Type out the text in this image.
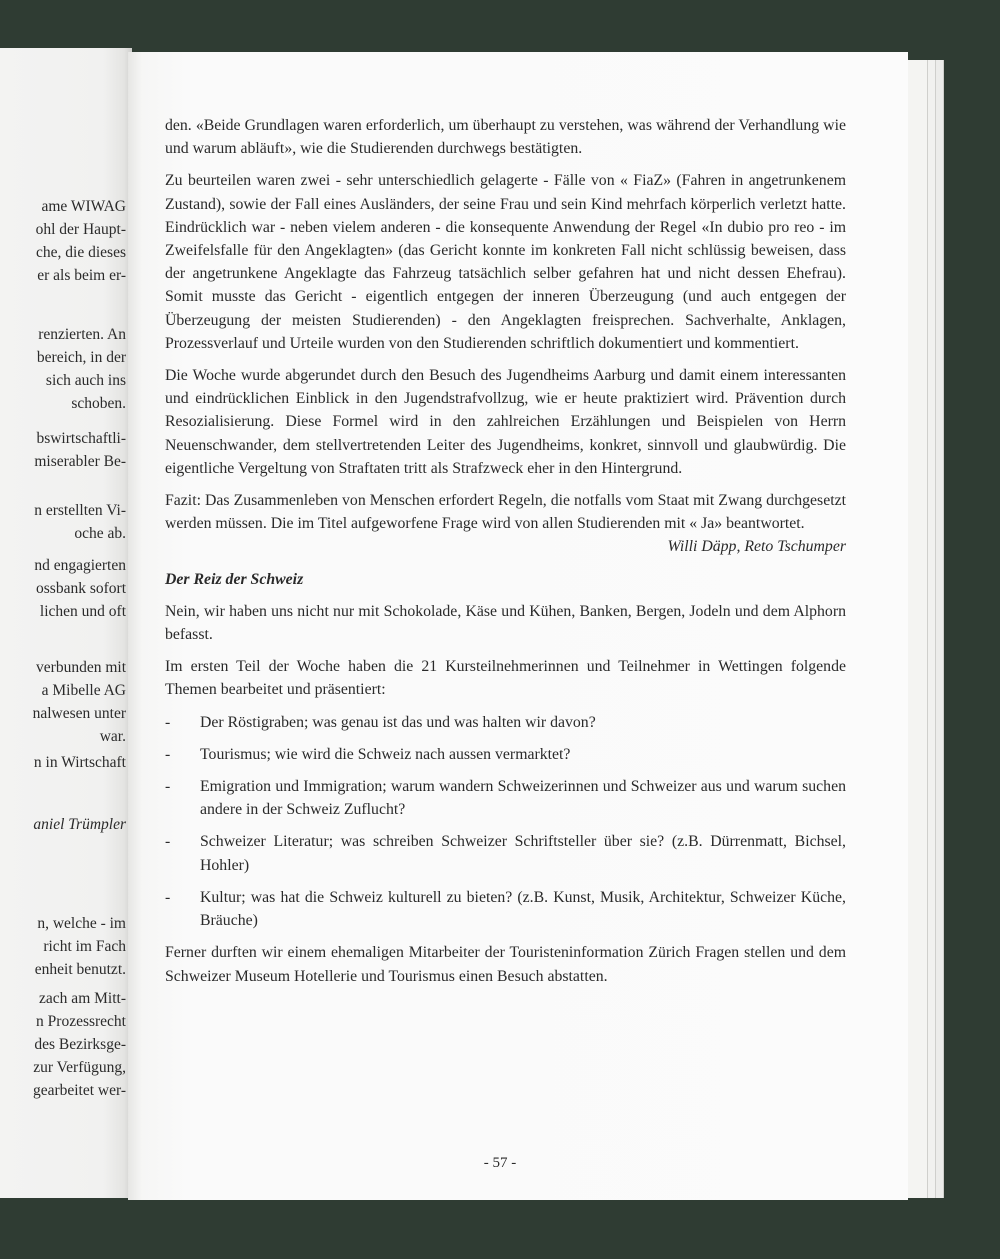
ame WIWAG
ohl der Haupt-
che, die dieses
er als beim er-
renzierten. An
bereich, in der
sich auch ins
schoben.
bswirtschaftli-
miserabler Be-
n erstellten Vi-
oche ab.
nd engagierten
ossbank sofort
lichen und oft
verbunden mit
a Mibelle AG
nalwesen unter
war.
n in Wirtschaft
aniel Trümpler
n, welche - im
richt im Fach
enheit benutzt.
zach am Mitt-
n Prozessrecht
des Bezirksge-
zur Verfügung,
gearbeitet wer-

den. «Beide Grundlagen waren erforderlich, um überhaupt zu verstehen, was während der Verhandlung wie und warum abläuft», wie die Studierenden durchwegs bestätigten.

Zu beurteilen waren zwei - sehr unterschiedlich gelagerte - Fälle von « FiaZ» (Fahren in angetrunkenem Zustand), sowie der Fall eines Ausländers, der seine Frau und sein Kind mehrfach körperlich verletzt hatte. Eindrücklich war - neben vielem anderen - die konsequente Anwendung der Regel «In dubio pro reo - im Zweifelsfalle für den Angeklagten» (das Gericht konnte im konkreten Fall nicht schlüssig beweisen, dass der angetrunkene Angeklagte das Fahrzeug tatsächlich selber gefahren hat und nicht dessen Ehefrau). Somit musste das Gericht - eigentlich entgegen der inneren Überzeugung (und auch entgegen der Überzeugung der meisten Studierenden) - den Angeklagten freisprechen. Sachverhalte, Anklagen, Prozessverlauf und Urteile wurden von den Studierenden schriftlich dokumentiert und kommentiert.

Die Woche wurde abgerundet durch den Besuch des Jugendheims Aarburg und damit einem interessanten und eindrücklichen Einblick in den Jugendstrafvollzug, wie er heute praktiziert wird. Prävention durch Resozialisierung. Diese Formel wird in den zahlreichen Erzählungen und Beispielen von Herrn Neuenschwander, dem stellvertretenden Leiter des Jugendheims, konkret, sinnvoll und glaubwürdig. Die eigentliche Vergeltung von Straftaten tritt als Strafzweck eher in den Hintergrund.

Fazit: Das Zusammenleben von Menschen erfordert Regeln, die notfalls vom Staat mit Zwang durchgesetzt werden müssen. Die im Titel aufgeworfene Frage wird von allen Studierenden mit « Ja» beantwortet.

Willi Däpp, Reto Tschumper

Der Reiz der Schweiz

Nein, wir haben uns nicht nur mit Schokolade, Käse und Kühen, Banken, Bergen, Jodeln und dem Alphorn befasst.

Im ersten Teil der Woche haben die 21 Kursteilnehmerinnen und Teilnehmer in Wettingen folgende Themen bearbeitet und präsentiert:

-	Der Röstigraben; was genau ist das und was halten wir davon?
-	Tourismus; wie wird die Schweiz nach aussen vermarktet?
-	Emigration und Immigration; warum wandern Schweizerinnen und Schweizer aus und warum suchen andere in der Schweiz Zuflucht?
-	Schweizer Literatur; was schreiben Schweizer Schriftsteller über sie? (z.B. Dürrenmatt, Bichsel, Hohler)
-	Kultur; was hat die Schweiz kulturell zu bieten? (z.B. Kunst, Musik, Architektur, Schweizer Küche, Bräuche)

Ferner durften wir einem ehemaligen Mitarbeiter der Touristeninformation Zürich Fragen stellen und dem Schweizer Museum Hotellerie und Tourismus einen Besuch abstatten.

- 57 -
